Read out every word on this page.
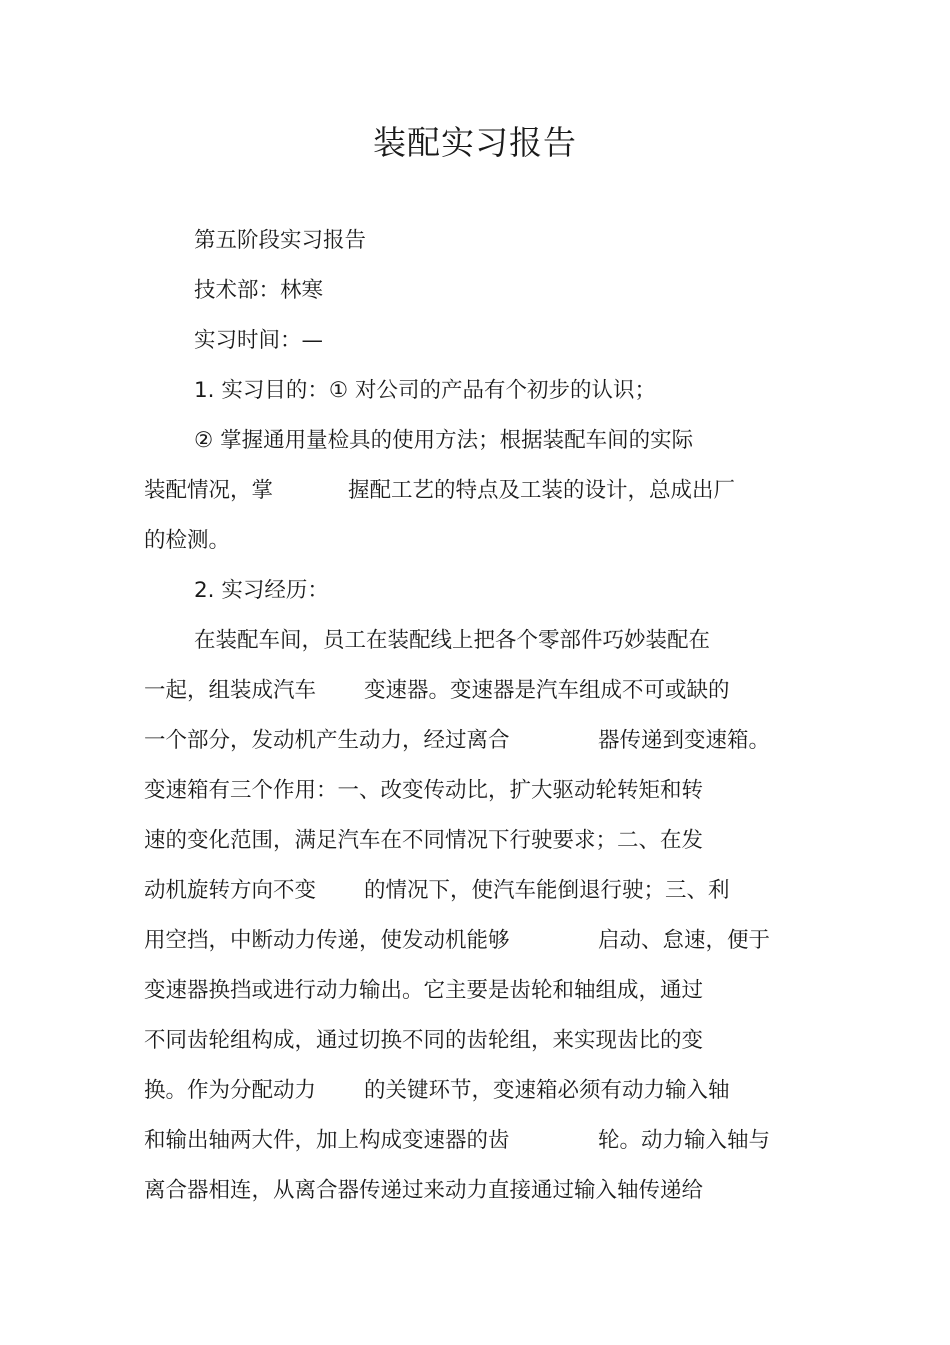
装配实习报告
第五阶段实习报告
技术部：林寒
实习时间：—
1. 实习目的：① 对公司的产品有个初步的认识；
② 掌握通用量检具的使用方法；根据装配车间的实际
装配情况，掌	握配工艺的特点及工装的设计，总成出厂
的检测。
2. 实习经历：
在装配车间，员工在装配线上把各个零部件巧妙装配在
一起，组装成汽车 变速器。变速器是汽车组成不可或缺的
一个部分，发动机产生动力，经过离合	器传递到变速箱。
变速箱有三个作用：一、改变传动比，扩大驱动轮转矩和转
速的变化范围，满足汽车在不同情况下行驶要求；二、在发
动机旋转方向不变 的情况下，使汽车能倒退行驶；三、利
用空挡，中断动力传递，使发动机能够	启动、怠速，便于
变速器换挡或进行动力输出。它主要是齿轮和轴组成，通过
不同齿轮组构成，通过切换不同的齿轮组，来实现齿比的变
换。作为分配动力 的关键环节，变速箱必须有动力输入轴
和输出轴两大件，加上构成变速器的齿	轮。动力输入轴与
离合器相连，从离合器传递过来动力直接通过输入轴传递给
